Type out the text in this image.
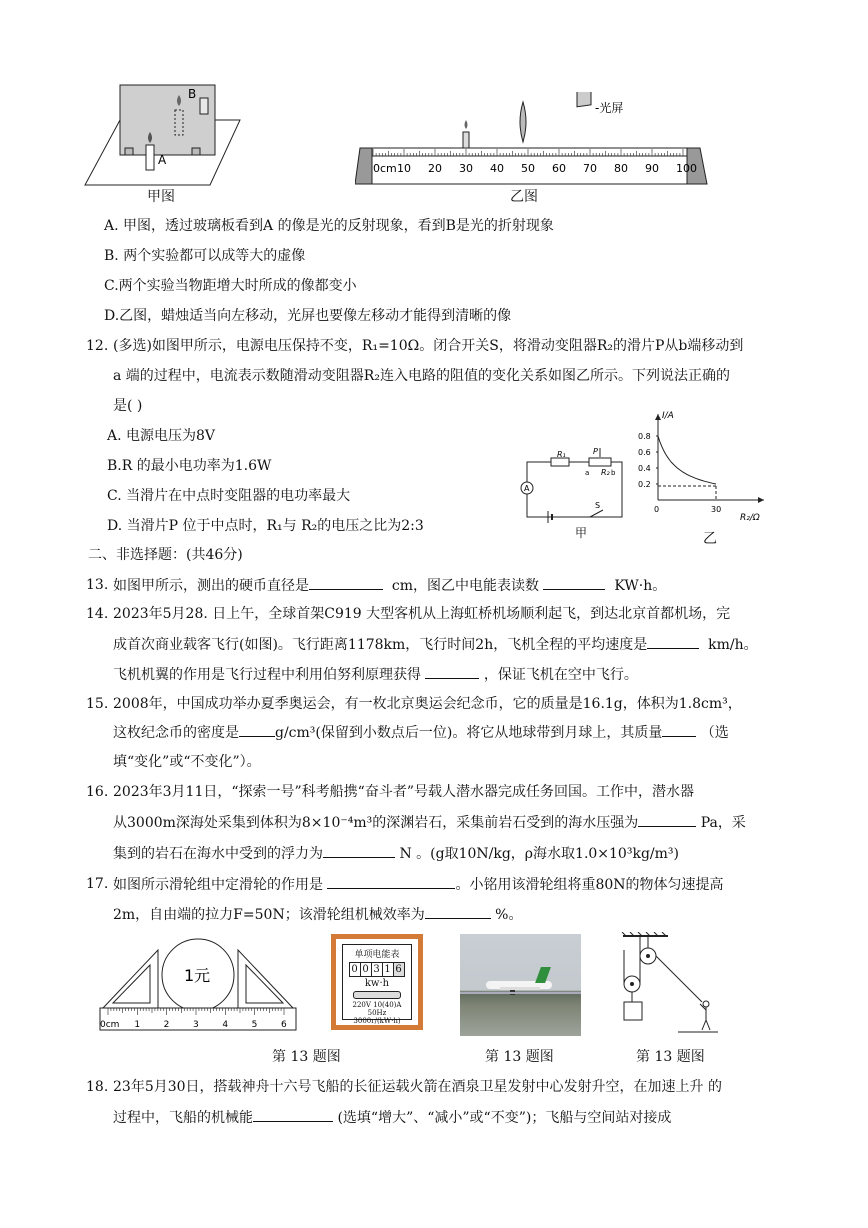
A
B
甲图
0cm 10 20 30 40 50 60 70 80 90 100
-光屏
乙图
A. 甲图，透过玻璃板看到A 的像是光的反射现象，看到B是光的折射现象
B. 两个实验都可以成等大的虚像
C.两个实验当物距增大时所成的像都变小
D.乙图，蜡烛适当向左移动，光屏也要像左移动才能得到清晰的像
12. (多选)如图甲所示，电源电压保持不变，R₁=10Ω。闭合开关S，将滑动变阻器R₂的滑片P从b端移动到
a 端的过程中，电流表示数随滑动变阻器R₂连入电路的阻值的变化关系如图乙所示。下列说法正确的
是( )
A. 电源电压为8V
B.R 的最小电功率为1.6W
C. 当滑片在中点时变阻器的电功率最大
D. 当滑片P 位于中点时，R₁与 R₂的电压之比为2:3
R₁	P
R₂
a	b
A
S
甲
I/A
R₂/Ω
0.8
0.6
0.4
0.2
0	30
乙
二、非选择题：(共46分)
13. 如图甲所示，测出的硬币直径是	cm，图乙中电能表读数	KW·h。
14. 2023年5月28. 日上午，全球首架C919 大型客机从上海虹桥机场顺利起飞，到达北京首都机场，完
成首次商业载客飞行(如图)。飞行距离1178km，飞行时间2h，飞机全程的平均速度是	km/h。
飞机机翼的作用是飞行过程中利用伯努利原理获得	，保证飞机在空中飞行。
15. 2008年，中国成功举办夏季奥运会，有一枚北京奥运会纪念币，它的质量是16.1g，体积为1.8cm³，
这枚纪念币的密度是	g/cm³(保留到小数点后一位)。将它从地球带到月球上，其质量	（选
填“变化”或“不变化”）。
16. 2023年3月11日，“探索一号”科考船携“奋斗者”号载人潜水器完成任务回国。工作中，潜水器
从3000m深海处采集到体积为8×10⁻⁴m³的深渊岩石，采集前岩石受到的海水压强为	Pa，采
集到的岩石在海水中受到的浮力为	N 。(g取10N/kg，ρ海水取1.0×10³kg/m³)
17. 如图所示滑轮组中定滑轮的作用是	。小铭用该滑轮组将重80N的物体匀速提高
2m，自由端的拉力F=50N；该滑轮组机械效率为	%。
1元
0cm 1	2	3	4	5	6
单项电能表
0 0 3 1 6
kw·h
220V 10(40)A 50Hz
3000r/(kW·h)
第 13 题图	第 13 题图	第 13 题图
18. 23年5月30日，搭载神舟十六号飞船的长征运载火箭在酒泉卫星发射中心发射升空，在加速上升 的
过程中，飞船的机械能	(选填“增大”、“减小”或“不变”)；飞船与空间站对接成
